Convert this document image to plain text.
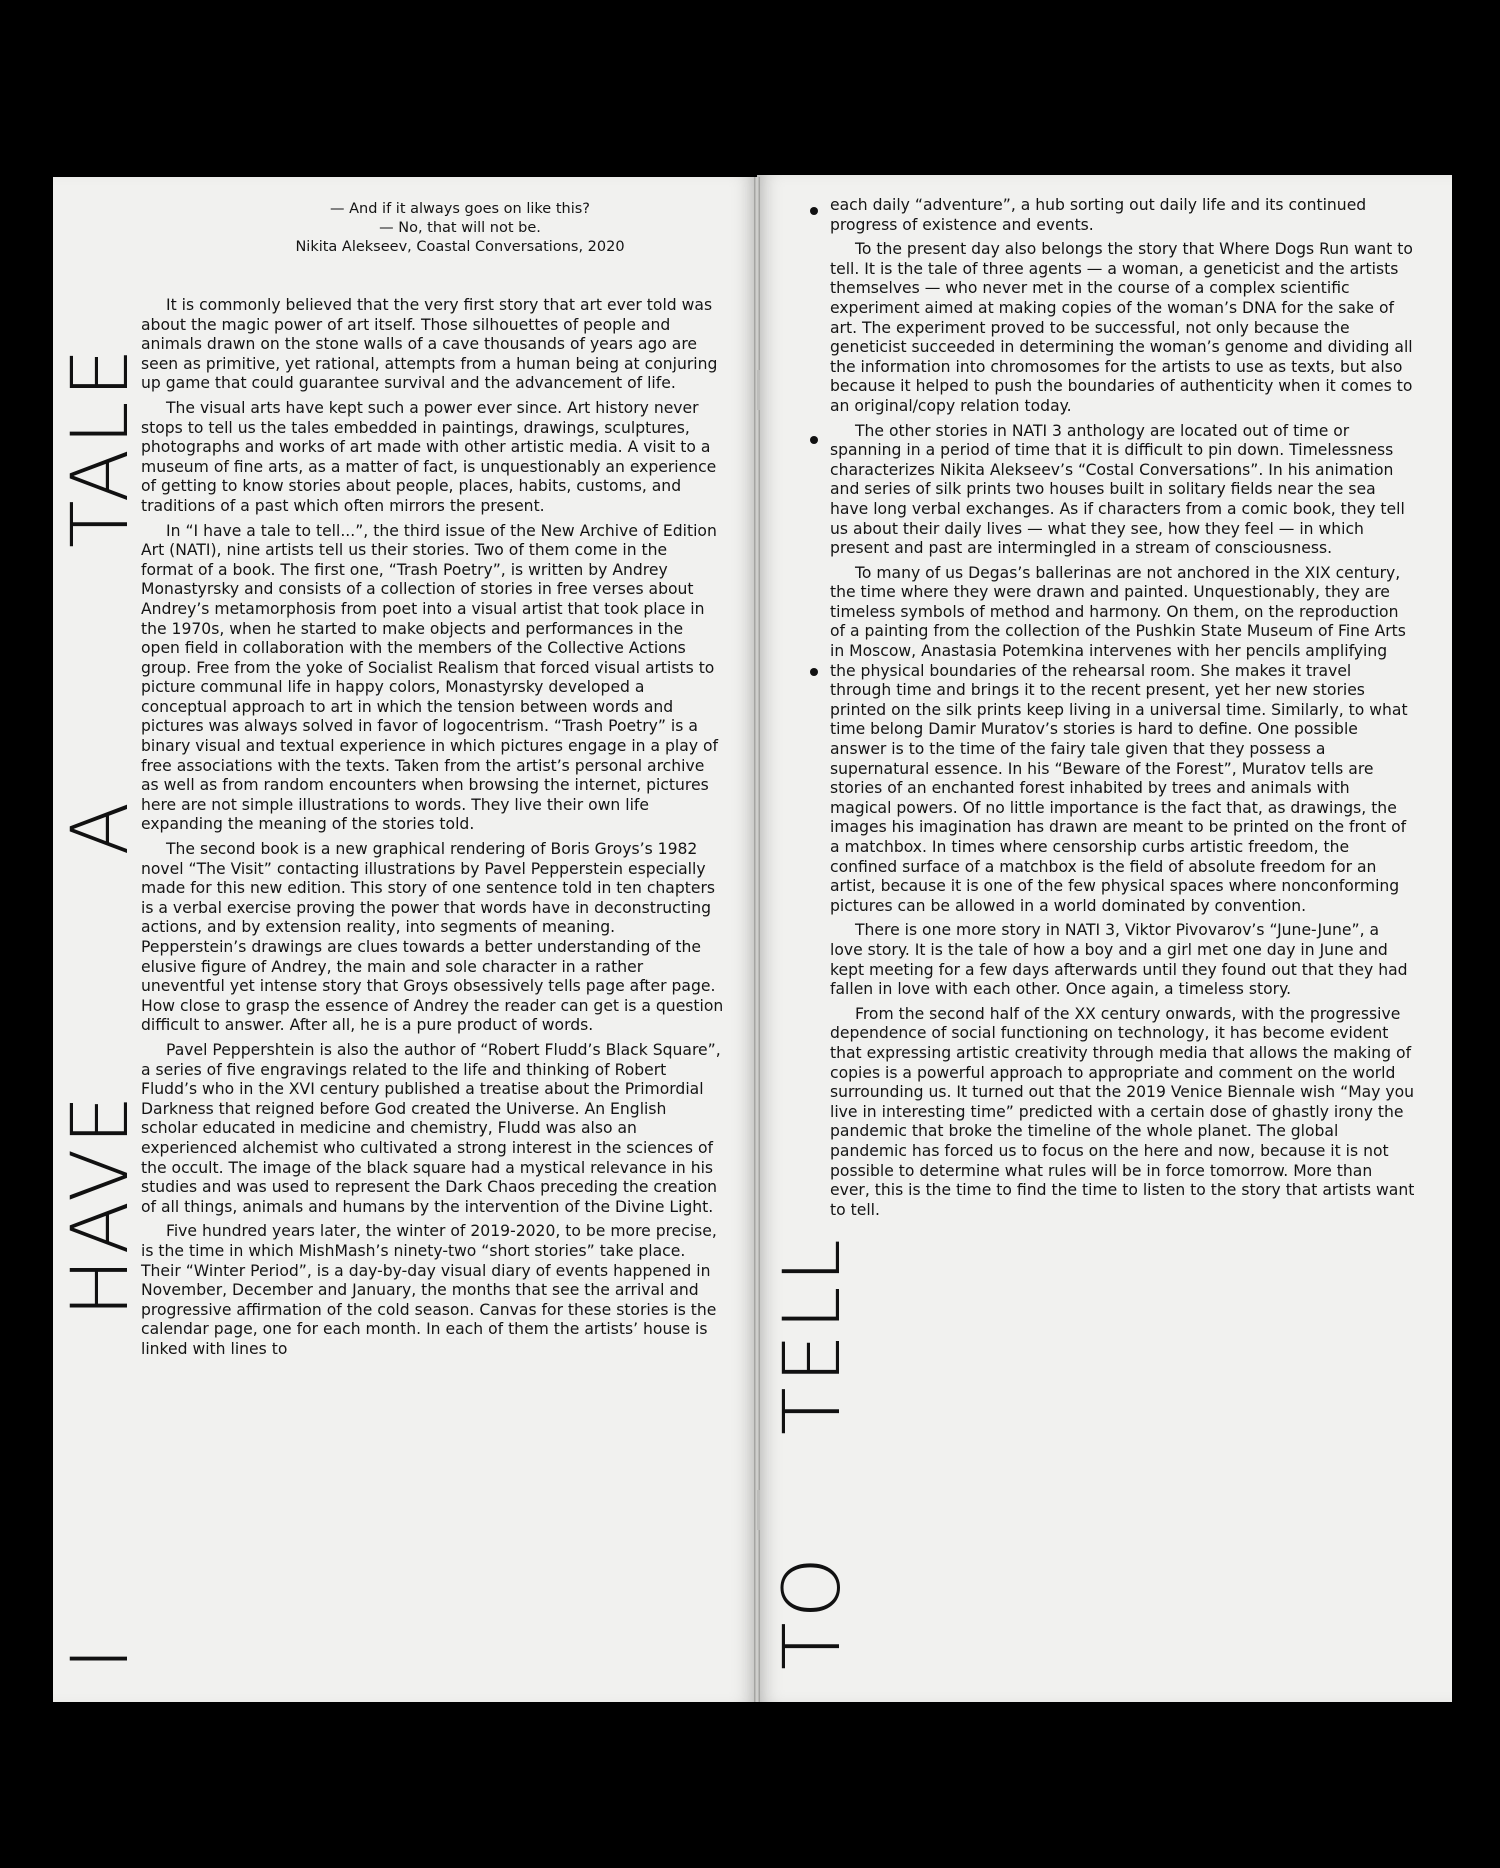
IHAVEATALE
TOTELL
— And if it always goes on like this?
— No, that will not be.
Nikita Alekseev, Coastal Conversations, 2020

It is commonly believed that the very first story that art ever told was about the magic power of art itself. Those silhouettes of people and animals drawn on the stone walls of a cave thousands of years ago are seen as primitive, yet rational, attempts from a human being at conjuring up game that could guarantee survival and the advancement of life.

The visual arts have kept such a power ever since. Art history never stops to tell us the tales embedded in paintings, drawings, sculptures, photographs and works of art made with other artistic media. A visit to a museum of fine arts, as a matter of fact, is unquestionably an experience of getting to know stories about people, places, habits, customs, and traditions of a past which often mirrors the present.

In “I have a tale to tell...”, the third issue of the New Archive of Edition Art (NATI), nine artists tell us their stories. Two of them come in the format of a book. The first one, “Trash Poetry”, is written by Andrey Monastyrsky and consists of a collection of stories in free verses about Andrey’s metamorphosis from poet into a visual artist that took place in the 1970s, when he started to make objects and performances in the open field in collaboration with the members of the Collective Actions group. Free from the yoke of Socialist Realism that forced visual artists to picture communal life in happy colors, Monastyrsky developed a conceptual approach to art in which the tension between words and pictures was always solved in favor of logocentrism. “Trash Poetry” is a binary visual and textual experience in which pictures engage in a play of free associations with the texts. Taken from the artist’s personal archive as well as from random encounters when browsing the internet, pictures here are not simple illustrations to words. They live their own life expanding the meaning of the stories told.

The second book is a new graphical rendering of Boris Groys’s 1982 novel “The Visit” contacting illustrations by Pavel Pepperstein especially made for this new edition. This story of one sentence told in ten chapters is a verbal exercise proving the power that words have in deconstructing actions, and by extension reality, into segments of meaning. Pepperstein’s drawings are clues towards a better understanding of the elusive figure of Andrey, the main and sole character in a rather uneventful yet intense story that Groys obsessively tells page after page. How close to grasp the essence of Andrey the reader can get is a question difficult to answer. After all, he is a pure product of words.

Pavel Peppershtein is also the author of “Robert Fludd’s Black Square”, a series of five engravings related to the life and thinking of Robert Fludd’s who in the XVI century published a treatise about the Primordial Darkness that reigned before God created the Universe. An English scholar educated in medicine and chemistry, Fludd was also an experienced alchemist who cultivated a strong interest in the sciences of the occult. The image of the black square had a mystical relevance in his studies and was used to represent the Dark Chaos preceding the creation of all things, animals and humans by the intervention of the Divine Light.

Five hundred years later, the winter of 2019-2020, to be more precise, is the time in which MishMash’s ninety-two “short stories” take place. Their “Winter Period”, is a day-by-day visual diary of events happened in November, December and January, the months that see the arrival and progressive affirmation of the cold season. Canvas for these stories is the calendar page, one for each month. In each of them the artists’ house is linked with lines to

each daily “adventure”, a hub sorting out daily life and its continued progress of existence and events.

To the present day also belongs the story that Where Dogs Run want to tell. It is the tale of three agents — a woman, a geneticist and the artists themselves — who never met in the course of a complex scientific experiment aimed at making copies of the woman’s DNA for the sake of art. The experiment proved to be successful, not only because the geneticist succeeded in determining the woman’s genome and dividing all the information into chromosomes for the artists to use as texts, but also because it helped to push the boundaries of authenticity when it comes to an original/copy relation today.

The other stories in NATI 3 anthology are located out of time or spanning in a period of time that it is difficult to pin down. Timelessness characterizes Nikita Alekseev’s “Costal Conversations”. In his animation and series of silk prints two houses built in solitary fields near the sea have long verbal exchanges. As if characters from a comic book, they tell us about their daily lives — what they see, how they feel — in which present and past are intermingled in a stream of consciousness.

To many of us Degas’s ballerinas are not anchored in the XIX century, the time where they were drawn and painted. Unquestionably, they are timeless symbols of method and harmony. On them, on the reproduction of a painting from the collection of the Pushkin State Museum of Fine Arts in Moscow, Anastasia Potemkina intervenes with her pencils amplifying the physical boundaries of the rehearsal room. She makes it travel through time and brings it to the recent present, yet her new stories printed on the silk prints keep living in a universal time. Similarly, to what time belong Damir Muratov’s stories is hard to define. One possible answer is to the time of the fairy tale given that they possess a supernatural essence. In his “Beware of the Forest”, Muratov tells are stories of an enchanted forest inhabited by trees and animals with magical powers. Of no little importance is the fact that, as drawings, the images his imagination has drawn are meant to be printed on the front of a matchbox. In times where censorship curbs artistic freedom, the confined surface of a matchbox is the field of absolute freedom for an artist, because it is one of the few physical spaces where nonconforming pictures can be allowed in a world dominated by convention.

There is one more story in NATI 3, Viktor Pivovarov’s “June-June”, a love story. It is the tale of how a boy and a girl met one day in June and kept meeting for a few days afterwards until they found out that they had fallen in love with each other. Once again, a timeless story.

From the second half of the XX century onwards, with the progressive dependence of social functioning on technology, it has become evident that expressing artistic creativity through media that allows the making of copies is a powerful approach to appropriate and comment on the world surrounding us. It turned out that the 2019 Venice Biennale wish “May you live in interesting time” predicted with a certain dose of ghastly irony the pandemic that broke the timeline of the whole planet. The global pandemic has forced us to focus on the here and now, because it is not possible to determine what rules will be in force tomorrow. More than ever, this is the time to find the time to listen to the story that artists want to tell.
